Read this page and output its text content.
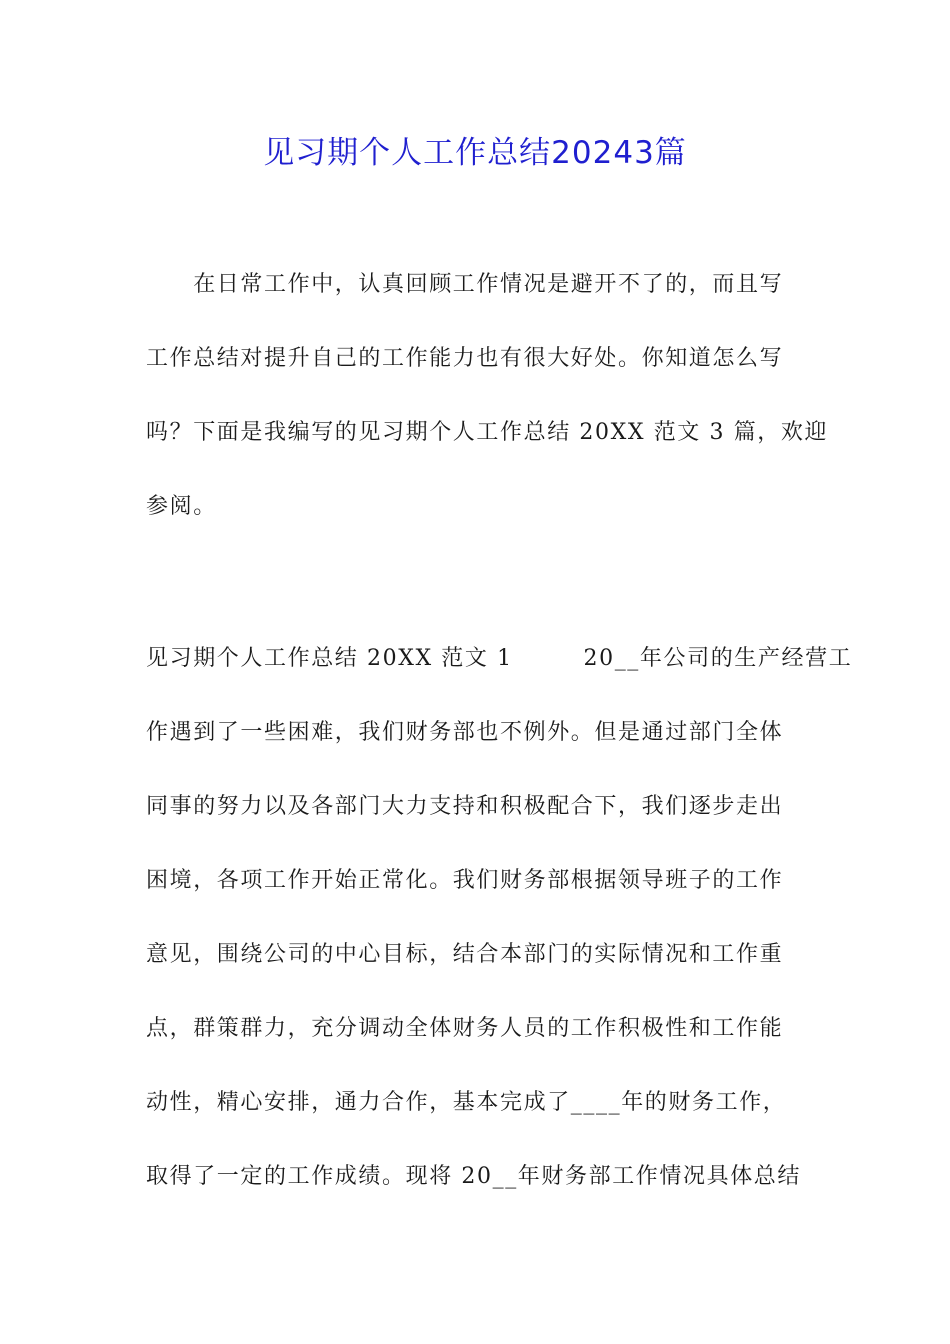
见习期个人工作总结20243篇
　　在日常工作中，认真回顾工作情况是避开不了的，而且写
工作总结对提升自己的工作能力也有很大好处。你知道怎么写
吗？下面是我编写的见习期个人工作总结 20XX 范文 3 篇，欢迎
参阅。
见习期个人工作总结 20XX 范文 1　　　20__年公司的生产经营工
作遇到了一些困难，我们财务部也不例外。但是通过部门全体
同事的努力以及各部门大力支持和积极配合下，我们逐步走出
困境，各项工作开始正常化。我们财务部根据领导班子的工作
意见，围绕公司的中心目标，结合本部门的实际情况和工作重
点，群策群力，充分调动全体财务人员的工作积极性和工作能
动性，精心安排，通力合作，基本完成了____年的财务工作，
取得了一定的工作成绩。现将 20__年财务部工作情况具体总结
